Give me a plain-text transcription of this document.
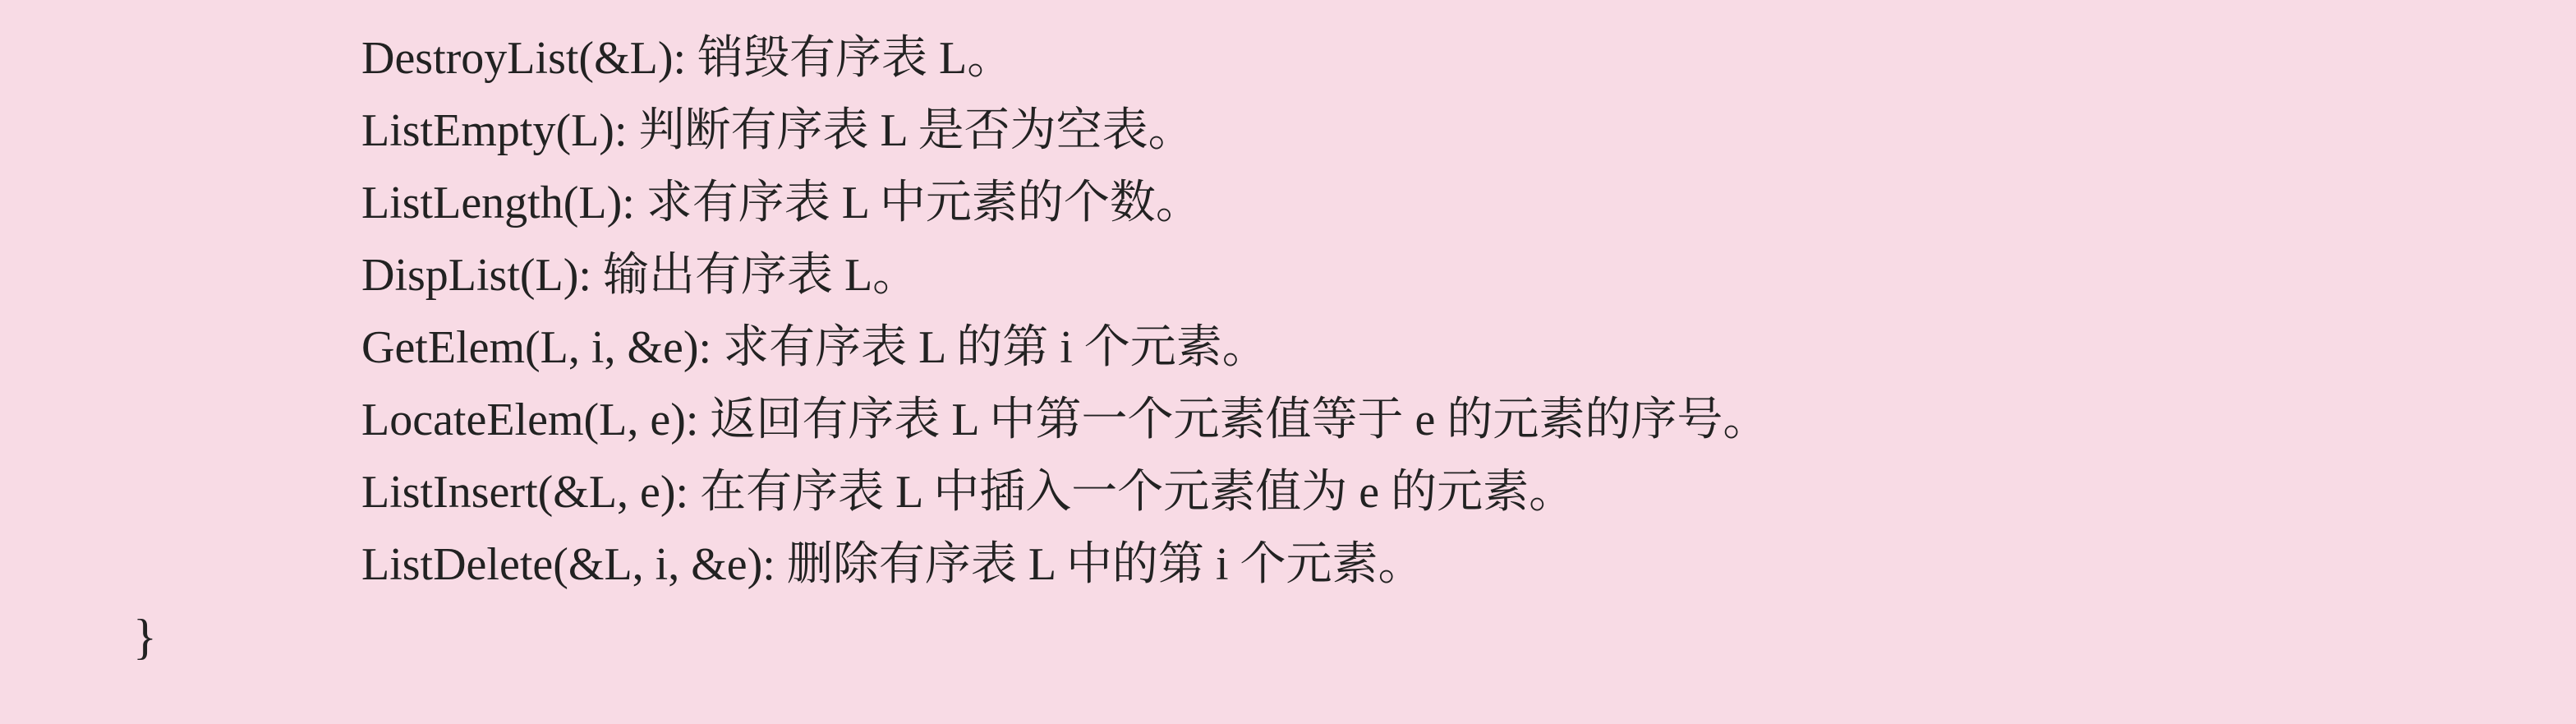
DestroyList(&L): 销毁有序表 L。
ListEmpty(L): 判断有序表 L 是否为空表。
ListLength(L): 求有序表 L 中元素的个数。
DispList(L): 输出有序表 L。
GetElem(L, i, &e): 求有序表 L 的第 i 个元素。
LocateElem(L, e): 返回有序表 L 中第一个元素值等于 e 的元素的序号。
ListInsert(&L, e): 在有序表 L 中插入一个元素值为 e 的元素。
ListDelete(&L, i, &e): 删除有序表 L 中的第 i 个元素。
}
